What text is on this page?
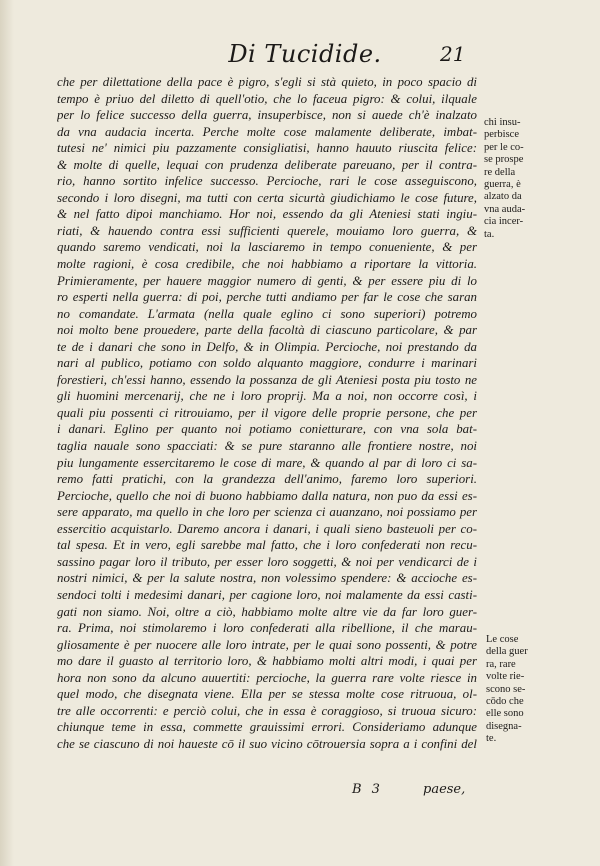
Di Tucidide.	21
che per dilettatione della pace è pigro, s'egli si stà quieto, in poco spacio di
tempo è priuo del diletto di quell'otio, che lo faceua pigro: & colui, ilquale
per lo felice successo della guerra, insuperbisce, non si auede ch'è inalzato
da vna audacia incerta. Perche molte cose malamente deliberate, imbat-
tutesi ne' nimici piu pazzamente consigliatisi, hanno hauuto riuscita felice:
& molte di quelle, lequai con prudenza deliberate pareuano, per il contra-
rio, hanno sortito infelice successo. Percioche, rari le cose asseguiscono,
secondo i loro disegni, ma tutti con certa sicurtà giudichiamo le cose future,
& nel fatto dipoi manchiamo. Hor noi, essendo da gli Ateniesi stati ingiu-
riati, & hauendo contra essi sufficienti querele, mouiamo loro guerra, &
quando saremo vendicati, noi la lasciaremo in tempo conueniente, & per
molte ragioni, è cosa credibile, che noi habbiamo a riportare la vittoria.
Primieramente, per hauere maggior numero di genti, & per essere piu di lo
ro esperti nella guerra: di poi, perche tutti andiamo per far le cose che saran
no comandate. L'armata (nella quale eglino ci sono superiori) potremo
noi molto bene prouedere, parte della facoltà di ciascuno particolare, & par
te de i danari che sono in Delfo, & in Olimpia. Percioche, noi prestando da
nari al publico, potiamo con soldo alquanto maggiore, condurre i marinari
forestieri, ch'essi hanno, essendo la possanza de gli Ateniesi posta piu tosto ne
gli huomini mercenarij, che ne i loro proprij. Ma a noi, non occorre così, i
quali piu possenti ci ritrouiamo, per il vigore delle proprie persone, che per
i danari. Eglino per quanto noi potiamo conietturare, con vna sola bat-
taglia nauale sono spacciati: & se pure staranno alle frontiere nostre, noi
piu lungamente essercitaremo le cose di mare, & quando al par di loro ci sa-
remo fatti pratichi, con la grandezza dell'animo, faremo loro superiori.
Percioche, quello che noi di buono habbiamo dalla natura, non puo da essi es-
sere apparato, ma quello in che loro per scienza ci auanzano, noi possiamo per
essercitio acquistarlo. Daremo ancora i danari, i quali sieno basteuoli per co-
tal spesa. Et in vero, egli sarebbe mal fatto, che i loro confederati non recu-
sassino pagar loro il tributo, per esser loro soggetti, & noi per vendicarci de i
nostri nimici, & per la salute nostra, non volessimo spendere: & accioche es-
sendoci tolti i medesimi danari, per cagione loro, noi malamente da essi casti-
gati non siamo. Noi, oltre a ciò, habbiamo molte altre vie da far loro guer-
ra. Prima, noi stimolaremo i loro confederati alla ribellione, il che marau-
gliosamente è per nuocere alle loro intrate, per le quai sono possenti, & potre
mo dare il guasto al territorio loro, & habbiamo molti altri modi, i quai per
hora non sono da alcuno auuertiti: percioche, la guerra rare volte riesce in
quel modo, che disegnata viene. Ella per se stessa molte cose ritruoua, ol-
tre alle occorrenti: e perciò colui, che in essa è coraggioso, si truoua sicuro:
chiunque teme in essa, commette grauissimi errori. Consideriamo adunque
che se ciascuno di noi haueste cō il suo vicino cōtrouersia sopra a i confini del
chi insu-
perbisce
per le co-
se prospe
re della
guerra, è
alzato da
vna auda-
cia incer-
ta.
Le cose
della guer
ra, rare
volte rie-
scono se-
cōdo che
elle sono
disegna-
te.
B 3	paese,
